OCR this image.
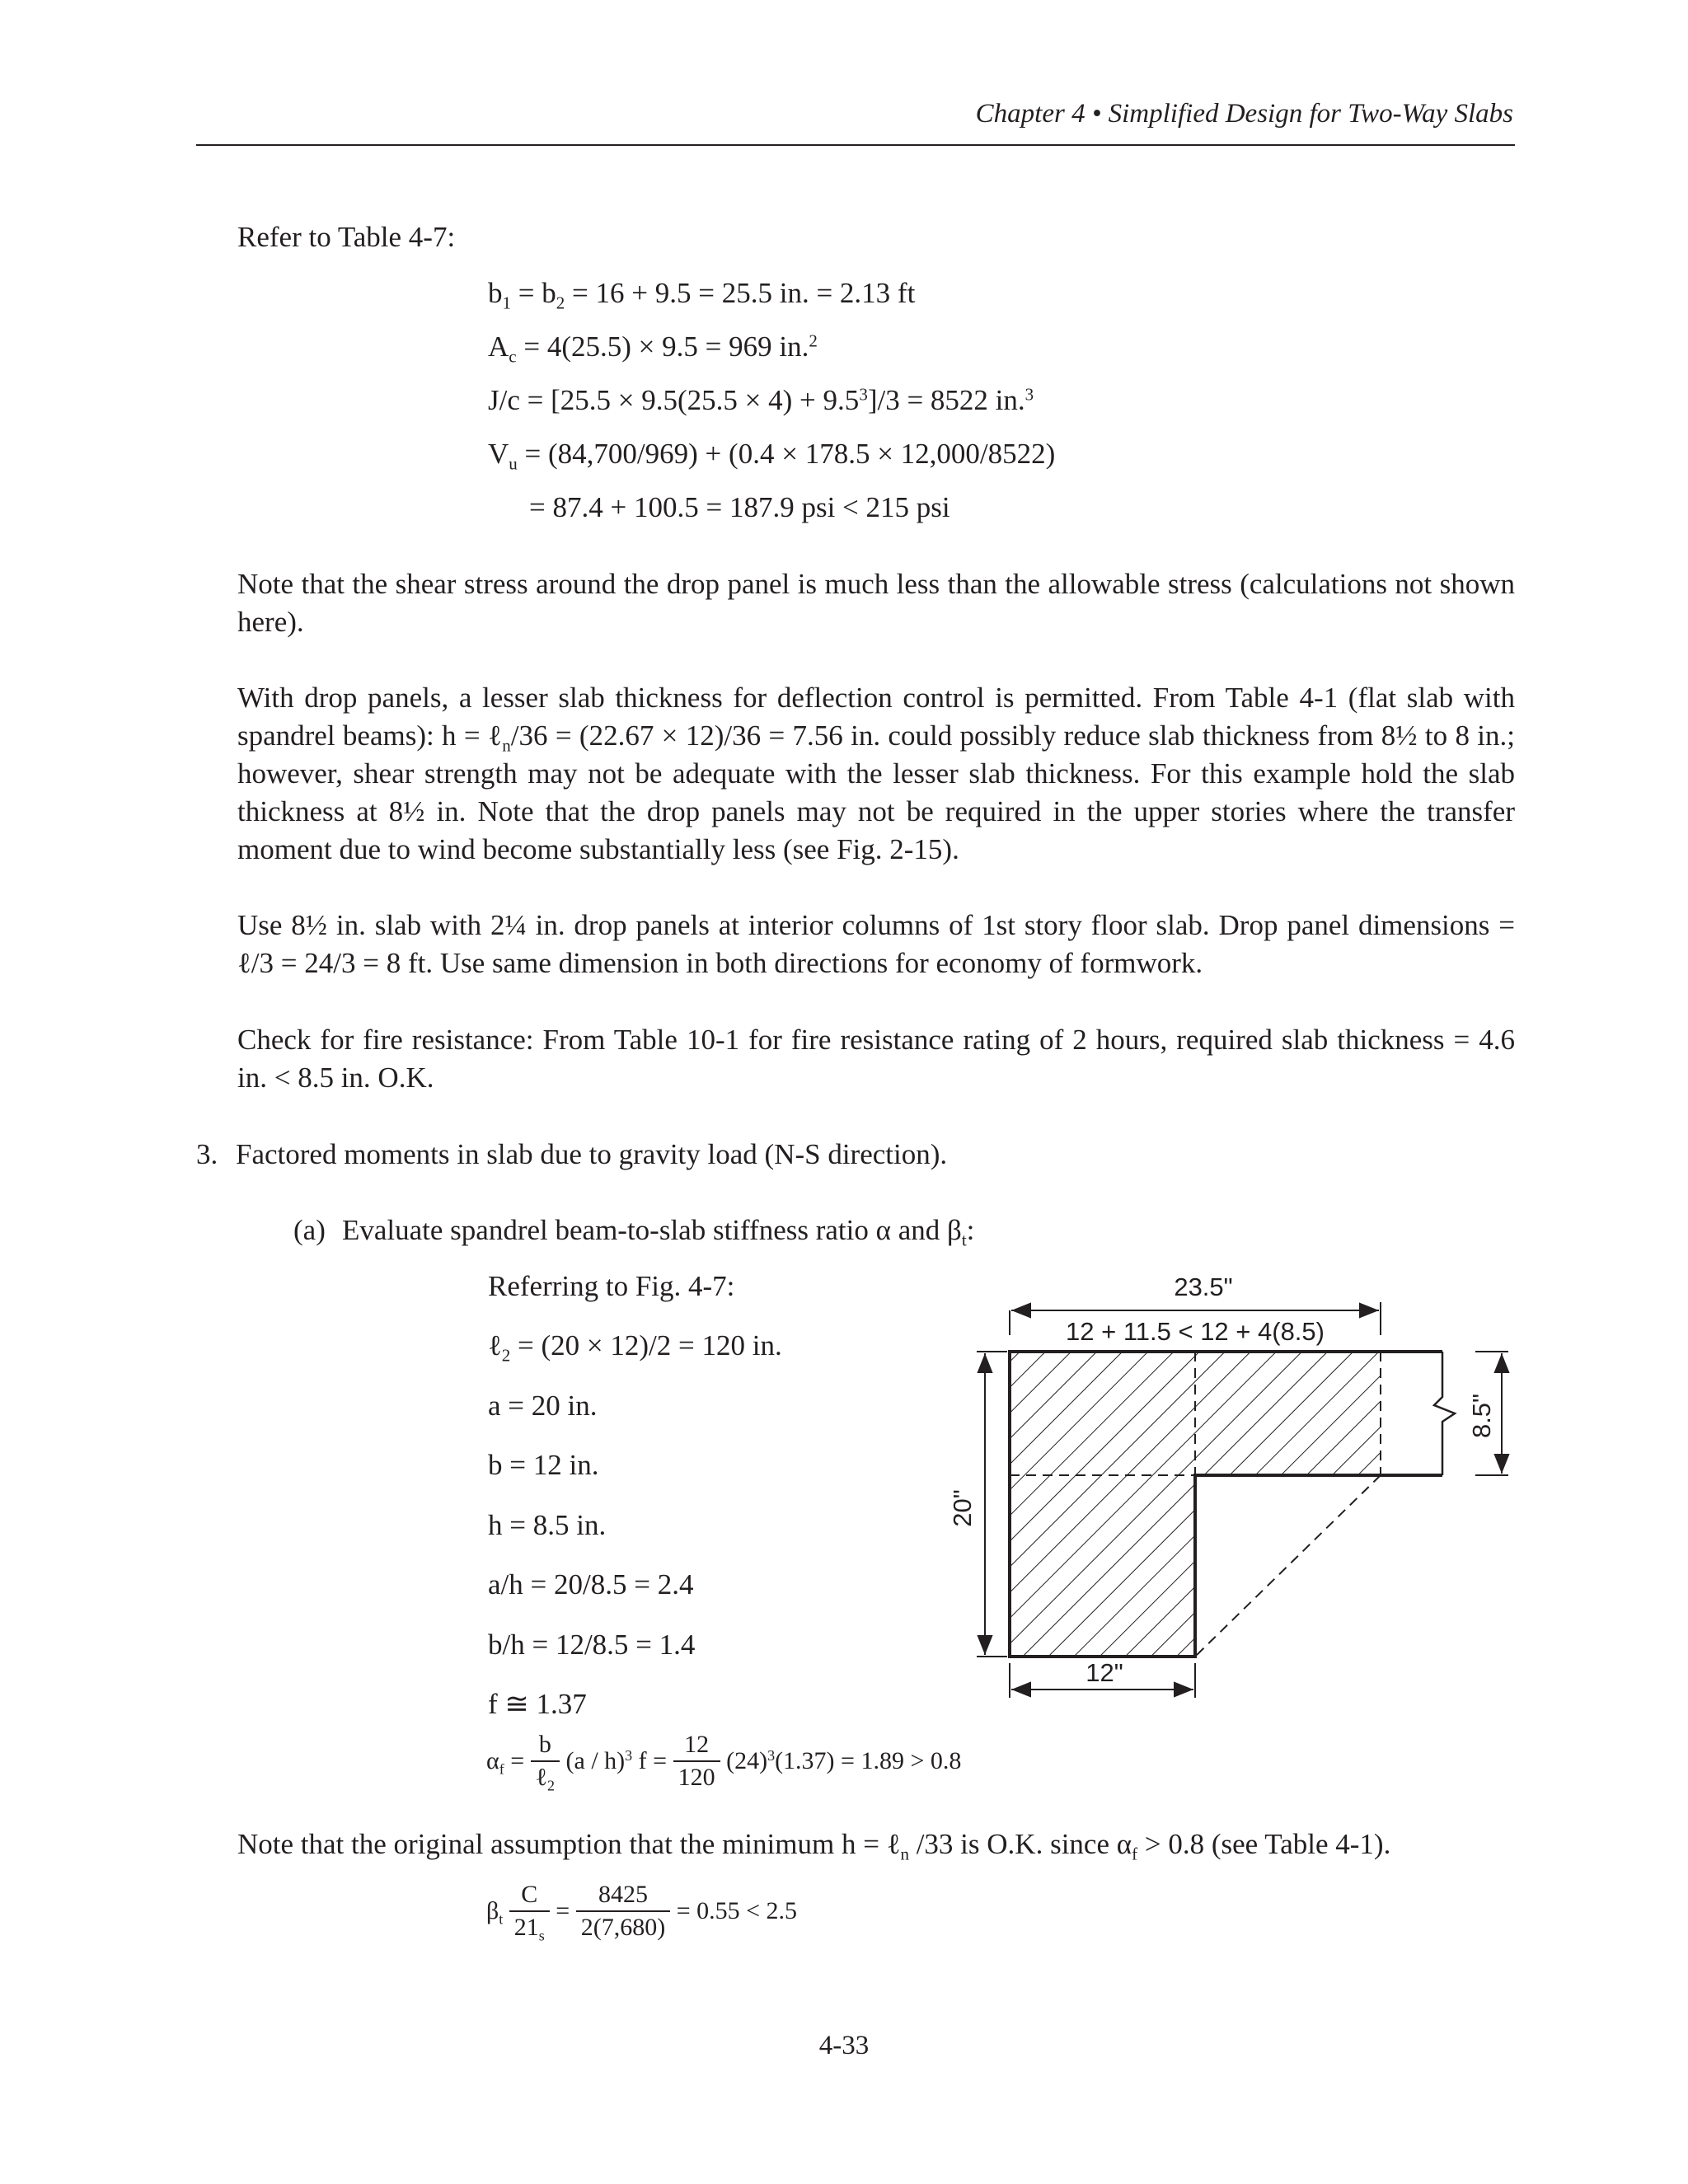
Chapter 4 • Simplified Design for Two-Way Slabs
Refer to Table 4-7:
$b_1 = b_2 = 16 + 9.5 = 25.5$ in. = 2.13 ft
$A_c = 4(25.5) \times 9.5 = 969$ in.$^2$
$J/c = [25.5 \times 9.5(25.5 \times 4) + 9.5^3]/3 = 8522$ in.$^3$
$V_u = (84,700/969) + (0.4 \times 178.5 \times 12,000/8522)$
= 87.4 + 100.5 = 187.9 psi < 215 psi
Note that the shear stress around the drop panel is much less than the allowable stress (calculations not shown here).
With drop panels, a lesser slab thickness for deflection control is permitted. From Table 4-1 (flat slab with spandrel beams): h = ℓ$_n$/36 = (22.67 × 12)/36 = 7.56 in. could possibly reduce slab thickness from 8½ to 8 in.; however, shear strength may not be adequate with the lesser slab thickness. For this example hold the slab thickness at 8½ in. Note that the drop panels may not be required in the upper stories where the transfer moment due to wind become substantially less (see Fig. 2-15).
Use 8½ in. slab with 2¼ in. drop panels at interior columns of 1st story floor slab. Drop panel dimensions = ℓ/3 = 24/3 = 8 ft. Use same dimension in both directions for economy of formwork.
Check for fire resistance: From Table 10-1 for fire resistance rating of 2 hours, required slab thickness = 4.6 in. < 8.5 in. O.K.
3. Factored moments in slab due to gravity load (N-S direction).
(a) Evaluate spandrel beam-to-slab stiffness ratio α and $\beta_t$:
Referring to Fig. 4-7:
ℓ$_2$ = (20 × 12)/2 = 120 in.
a = 20 in.
b = 12 in.
h = 8.5 in.
a/h = 20/8.5 = 2.4
b/h = 12/8.5 = 1.4
f ≅ 1.37
$\alpha_f = \frac{b}{\ell_2} (a / h)^3$ $f = \frac{12}{120} (24)^3(1.37) = 1.89 > 0.8$
Note that the original assumption that the minimum h = ℓ$_n$ /33 is O.K. since $\alpha_f > 0.8$ (see Table 4-1).
$\beta_t \frac{C}{21_s} = \frac{8425}{2(7,680)} = 0.55 < 2.5$
23.5"
12 + 11.5 < 12 + 4(8.5)
20"
8.5"
12"
4-33
